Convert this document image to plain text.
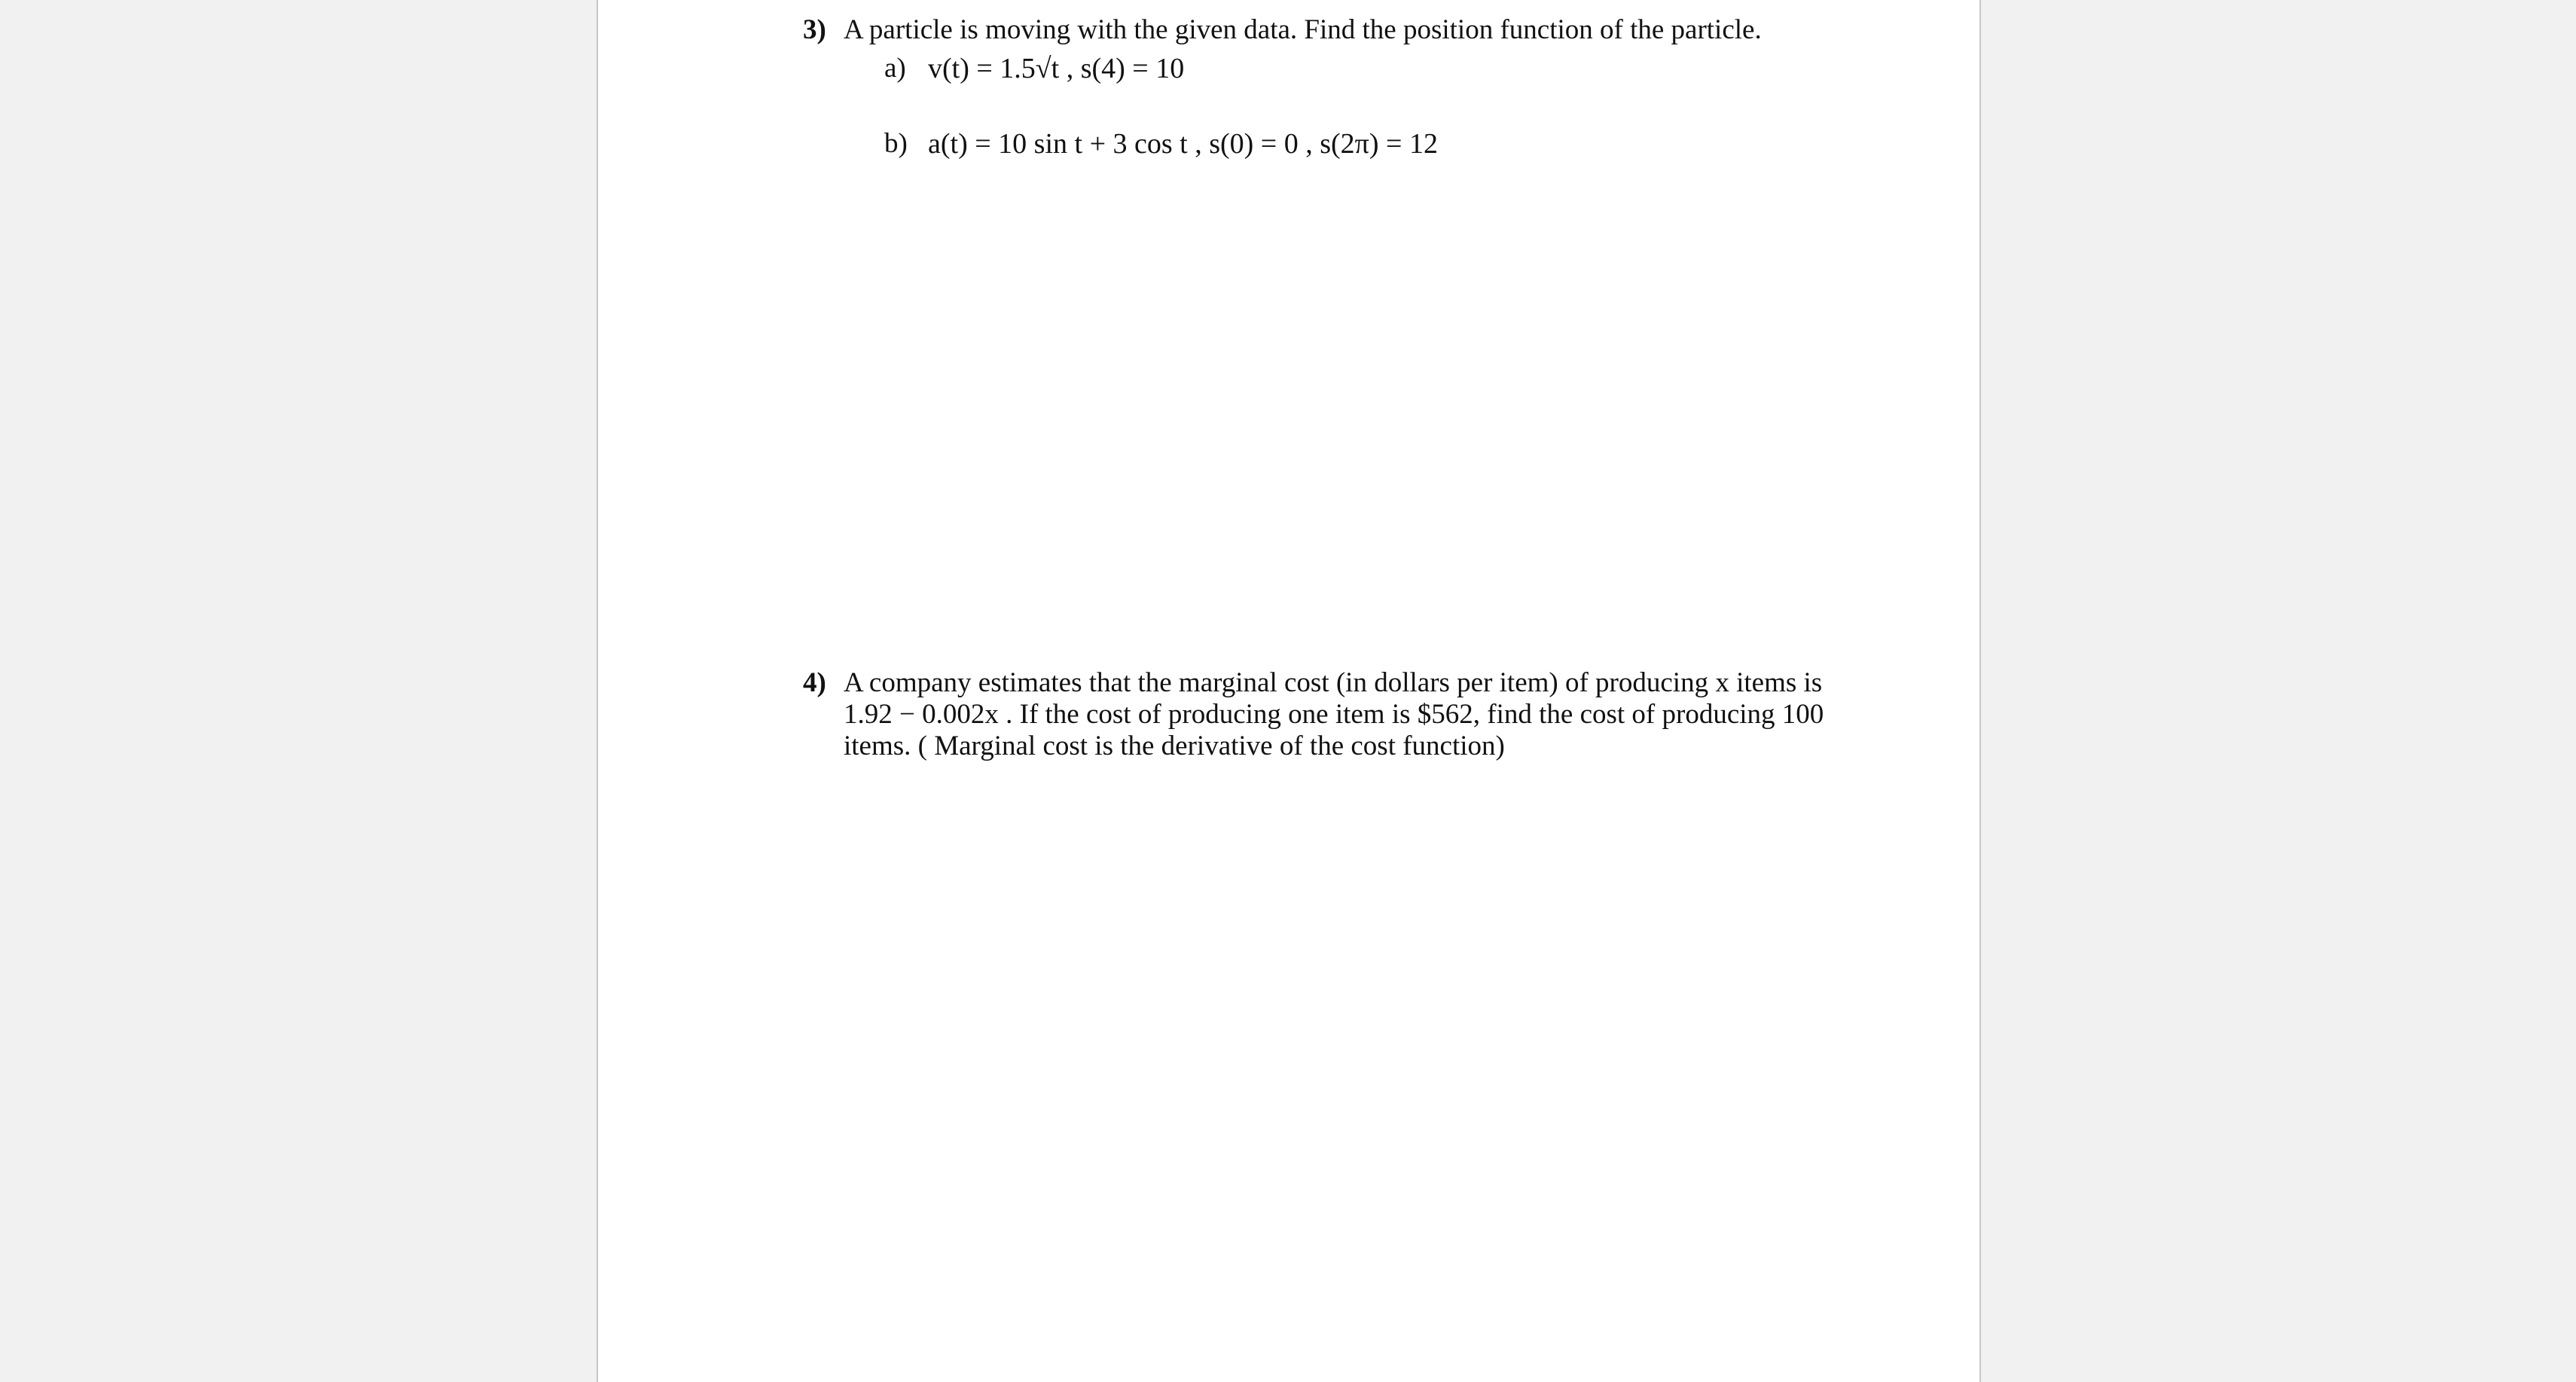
3) A particle is moving with the given data. Find the position function of the particle.
a) v(t) = 1.5√t , s(4) = 10
b) a(t) = 10 sin t + 3 cos t , s(0) = 0 , s(2π) = 12
4) A company estimates that the marginal cost (in dollars per item) of producing x items is
1.92 − 0.002x . If the cost of producing one item is $562, find the cost of producing 100
items. ( Marginal cost is the derivative of the cost function)
